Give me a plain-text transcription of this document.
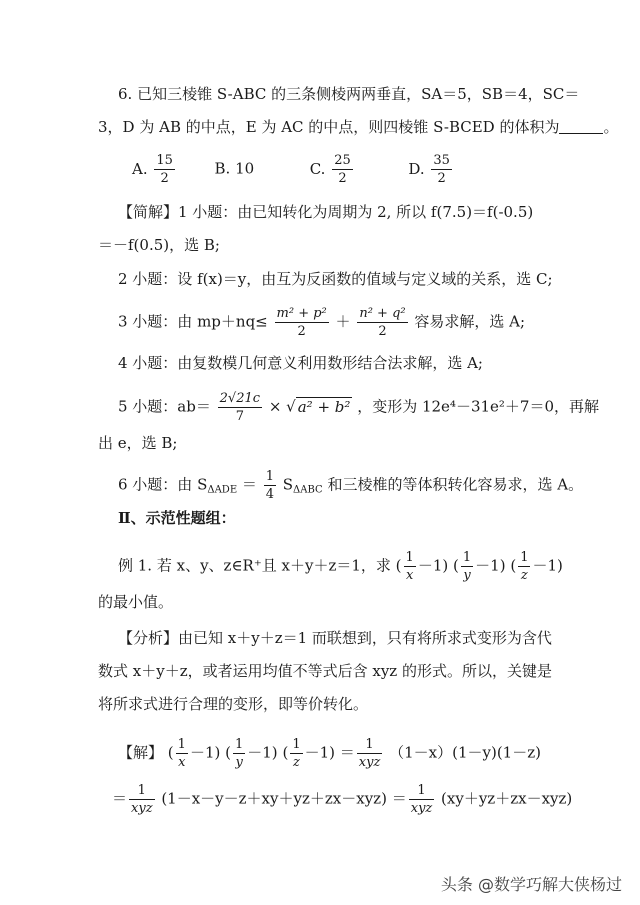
6. 已知三棱锥 S-ABC 的三条侧棱两两垂直，SA＝5，SB＝4，SC＝
3，D 为 AB 的中点，E 为 AC 的中点，则四棱锥 S-BCED 的体积为	。
A. $\frac{15}{2}$	B. 10	C. $\frac{25}{2}$	D. $\frac{35}{2}$
【简解】1 小题：由已知转化为周期为 2, 所以 f(7.5)＝f(-0.5)
＝－f(0.5)，选 B;
2 小题：设 f(x)＝y，由互为反函数的值域与定义域的关系，选 C;
3 小题：由 $mp+nq\le \frac{\text{m² + p²}}{2} + \frac{\text{n² + q²}}{2}$ 容易求解，选 A;
4 小题：由复数模几何意义利用数形结合法求解，选 A;
5 小题：$ab= \frac{2√21c}{7}$ × √ a² + b² ，变形为 12e⁴－31e²＋7＝0，再解
出 e，选 B;
6 小题：由 $S_{\Delta ADE} = \frac{1}{4} S_{\Delta ABC}$ 和三棱椎的等体积转化容易求，选 A。
Ⅱ、示范性题组：
例 1. 若 x、y、z∈R⁺且 x＋y＋z＝1，求 ( $\frac{1}{x} -1$) ( $\frac{1}{y} -1$) ( $\frac{1}{z} -1$)
的最小值。
【分析】由已知 x＋y＋z＝1 而联想到，只有将所求式变形为含代
数式 x＋y＋z，或者运用均值不等式后含 xyz 的形式。所以，关键是
将所求式进行合理的变形，即等价转化。
【解】 ( $\frac{1}{x} -1$) ( $\frac{1}{y} -1$) ( $\frac{1}{z} -1) = \frac{1}{\text{xyz}} (1-x)(1-y)(1-z)$
＝ $\frac{1}{\text{xyz}} (1-x-y-z+xy+yz+zx-xyz) = \frac{1}{\text{xyz}} (xy+yz+zx-xyz)$
头条 @数学巧解大侠杨过
